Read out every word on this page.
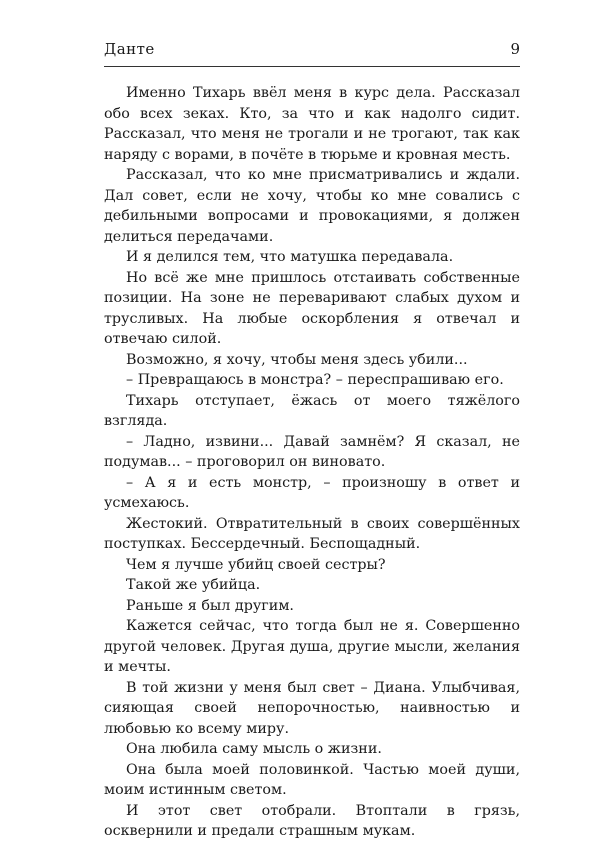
Данте	9

Именно Тихарь ввёл меня в курс дела. Рассказал обо всех зеках. Кто, за что и как надолго сидит. Рассказал, что меня не трогали и не трогают, так как наряду с ворами, в почёте в тюрьме и кровная месть.

Рассказал, что ко мне присматривались и ждали. Дал совет, если не хочу, чтобы ко мне совались с дебильными вопросами и провокациями, я должен делиться передачами.

И я делился тем, что матушка передавала.

Но всё же мне пришлось отстаивать собственные позиции. На зоне не переваривают слабых духом и трусливых. На любые оскорбления я отвечал и отвечаю силой.

Возможно, я хочу, чтобы меня здесь убили...

– Превращаюсь в монстра? – переспрашиваю его.

Тихарь отступает, ёжась от моего тяжёлого взгляда.

– Ладно, извини... Давай замнём? Я сказал, не подумав... – проговорил он виновато.

– А я и есть монстр, – произношу в ответ и усмехаюсь.

Жестокий. Отвратительный в своих совершённых поступках. Бессердечный. Беспощадный.

Чем я лучше убийц своей сестры?

Такой же убийца.

Раньше я был другим.

Кажется сейчас, что тогда был не я. Совершенно другой человек. Другая душа, другие мысли, желания и мечты.

В той жизни у меня был свет – Диана. Улыбчивая, сияющая своей непорочностью, наивностью и любовью ко всему миру.

Она любила саму мысль о жизни.

Она была моей половинкой. Частью моей души, моим истинным светом.

И этот свет отобрали. Втоптали в грязь, осквернили и предали страшным мукам.
